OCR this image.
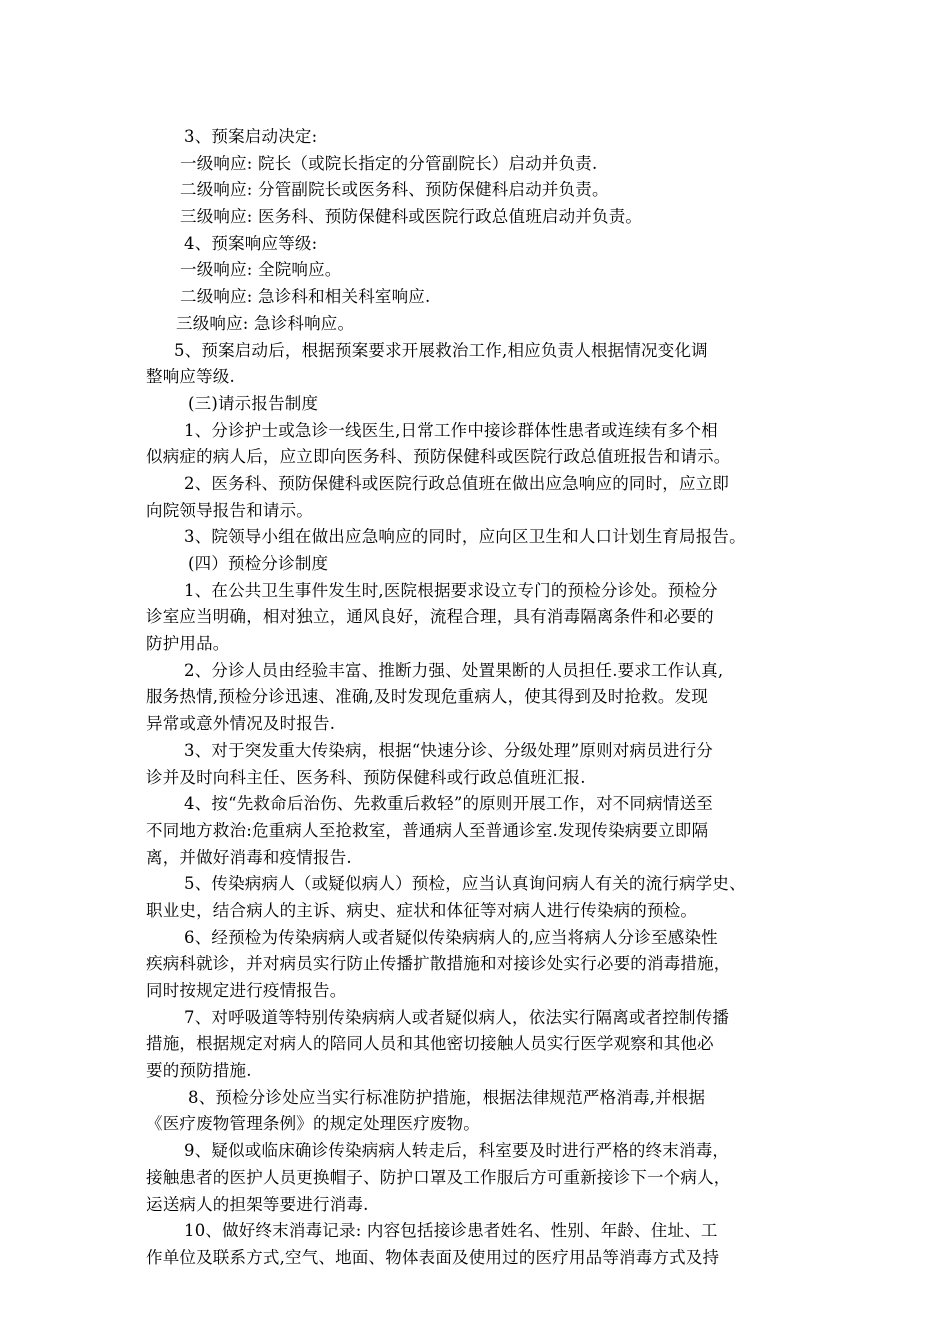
3、预案启动决定:
一级响应: 院长（或院长指定的分管副院长）启动并负责.
二级响应: 分管副院长或医务科、预防保健科启动并负责。
三级响应: 医务科、预防保健科或医院行政总值班启动并负责。
4、预案响应等级:
一级响应: 全院响应。
二级响应: 急诊科和相关科室响应.
三级响应: 急诊科响应。
5、预案启动后，根据预案要求开展救治工作,相应负责人根据情况变化调
整响应等级.
(三)请示报告制度
1、分诊护士或急诊一线医生,日常工作中接诊群体性患者或连续有多个相
似病症的病人后，应立即向医务科、预防保健科或医院行政总值班报告和请示。
2、医务科、预防保健科或医院行政总值班在做出应急响应的同时，应立即
向院领导报告和请示。
3、院领导小组在做出应急响应的同时，应向区卫生和人口计划生育局报告。
(四）预检分诊制度
1、在公共卫生事件发生时,医院根据要求设立专门的预检分诊处。预检分
诊室应当明确，相对独立，通风良好，流程合理，具有消毒隔离条件和必要的
防护用品。
2、分诊人员由经验丰富、推断力强、处置果断的人员担任.要求工作认真,
服务热情,预检分诊迅速、准确,及时发现危重病人，使其得到及时抢救。发现
异常或意外情况及时报告.
3、对于突发重大传染病，根据“快速分诊、分级处理”原则对病员进行分
诊并及时向科主任、医务科、预防保健科或行政总值班汇报.
4、按“先救命后治伤、先救重后救轻”的原则开展工作，对不同病情送至
不同地方救治:危重病人至抢救室，普通病人至普通诊室.发现传染病要立即隔
离，并做好消毒和疫情报告.
5、传染病病人（或疑似病人）预检，应当认真询问病人有关的流行病学史、
职业史，结合病人的主诉、病史、症状和体征等对病人进行传染病的预检。
6、经预检为传染病病人或者疑似传染病病人的,应当将病人分诊至感染性
疾病科就诊，并对病员实行防止传播扩散措施和对接诊处实行必要的消毒措施，
同时按规定进行疫情报告。
7、对呼吸道等特别传染病病人或者疑似病人，依法实行隔离或者控制传播
措施，根据规定对病人的陪同人员和其他密切接触人员实行医学观察和其他必
要的预防措施.
8、预检分诊处应当实行标准防护措施，根据法律规范严格消毒,并根据
《医疗废物管理条例》的规定处理医疗废物。
9、疑似或临床确诊传染病病人转走后，科室要及时进行严格的终末消毒，
接触患者的医护人员更换帽子、防护口罩及工作服后方可重新接诊下一个病人，
运送病人的担架等要进行消毒.
10、做好终末消毒记录: 内容包括接诊患者姓名、性别、年龄、住址、工
作单位及联系方式,空气、地面、物体表面及使用过的医疗用品等消毒方式及持
